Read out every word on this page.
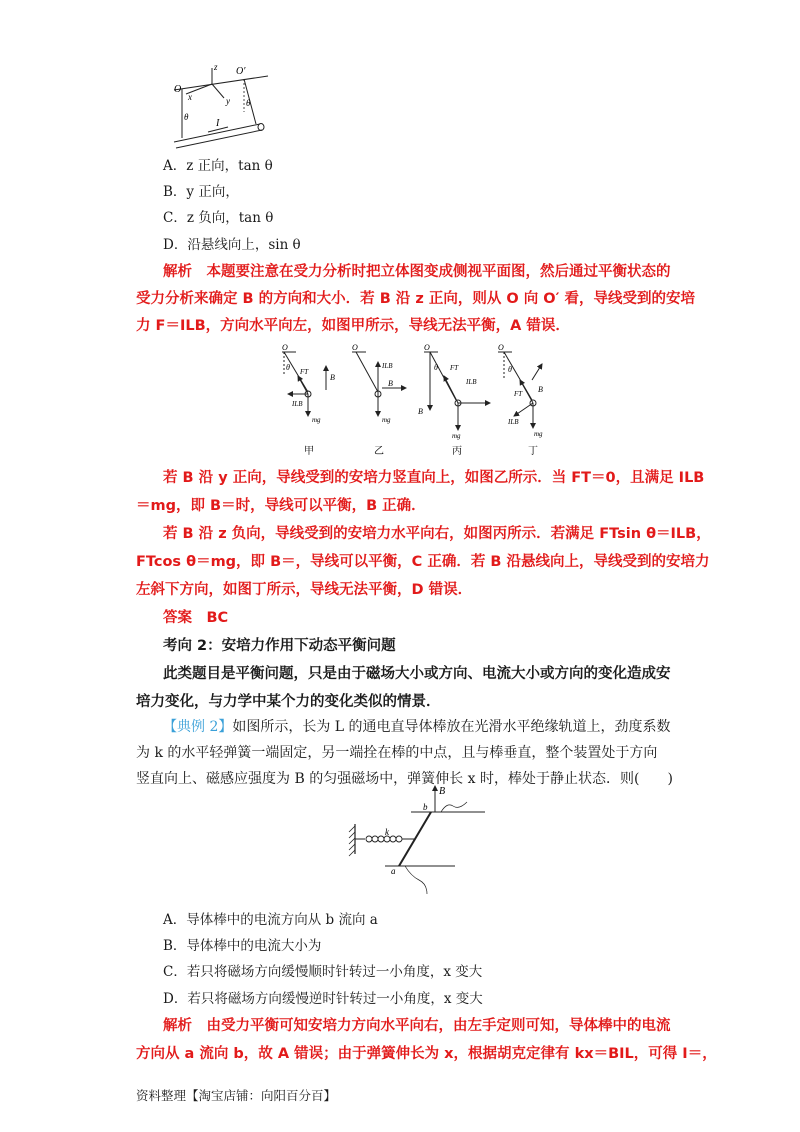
O
O′
z
x	y
θ
θ
I
A．z 正向，tan θ
B．y 正向，
C．z 负向，tan θ
D．沿悬线向上，sin θ
解析　本题要注意在受力分析时把立体图变成侧视平面图，然后通过平衡状态的
受力分析来确定 B 的方向和大小．若 B 沿 z 正向，则从 O 向 O′ 看，导线受到的安培
力 F＝ILB，方向水平向左，如图甲所示，导线无法平衡，A 错误．
O
θ FT
B
ILB
mg
甲
O
ILB
B
mg
乙
O
θ FT
ILB
B
mg
丙
O
θ
FT B
ILB
mg
丁
若 B 沿 y 正向，导线受到的安培力竖直向上，如图乙所示．当 FT＝0，且满足 ILB
＝mg，即 B＝时，导线可以平衡，B 正确．
若 B 沿 z 负向，导线受到的安培力水平向右，如图丙所示．若满足 FTsin θ＝ILB，
FTcos θ＝mg，即 B＝，导线可以平衡，C 正确．若 B 沿悬线向上，导线受到的安培力
左斜下方向，如图丁所示，导线无法平衡，D 错误．
答案　BC
考向 2：安培力作用下动态平衡问题
此类题目是平衡问题，只是由于磁场大小或方向、电流大小或方向的变化造成安
培力变化，与力学中某个力的变化类似的情景．
【典例 2】如图所示，长为 L 的通电直导体棒放在光滑水平绝缘轨道上，劲度系数
为 k 的水平轻弹簧一端固定，另一端拴在棒的中点，且与棒垂直，整个装置处于方向
竖直向上、磁感应强度为 B 的匀强磁场中，弹簧伸长 x 时，棒处于静止状态．则(　　)
B
b
k
a
A．导体棒中的电流方向从 b 流向 a
B．导体棒中的电流大小为
C．若只将磁场方向缓慢顺时针转过一小角度，x 变大
D．若只将磁场方向缓慢逆时针转过一小角度，x 变大
解析　由受力平衡可知安培力方向水平向右，由左手定则可知，导体棒中的电流
方向从 a 流向 b，故 A 错误；由于弹簧伸长为 x，根据胡克定律有 kx＝BIL，可得 I＝，
资料整理【淘宝店铺：向阳百分百】
